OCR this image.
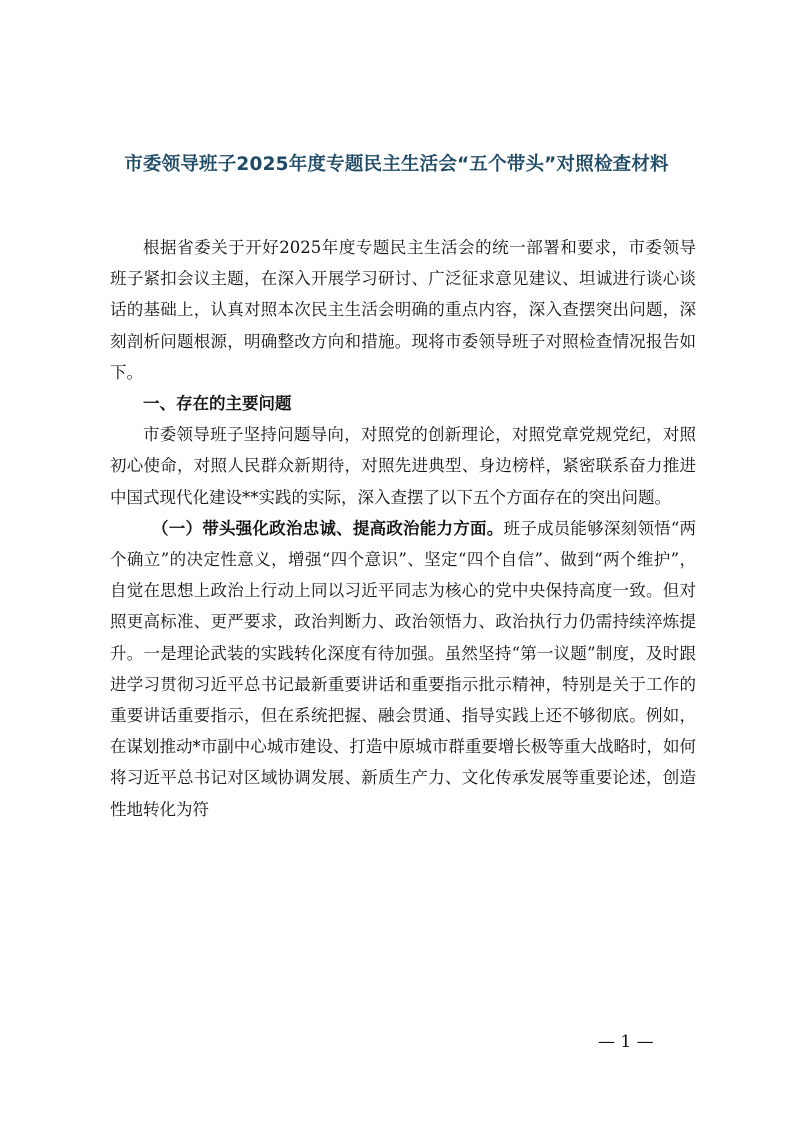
市委领导班子2025年度专题民主生活会“五个带头”对照检查材料

根据省委关于开好2025年度专题民主生活会的统一部署和要求，市委领导班子紧扣会议主题，在深入开展学习研讨、广泛征求意见建议、坦诚进行谈心谈话的基础上，认真对照本次民主生活会明确的重点内容，深入查摆突出问题，深刻剖析问题根源，明确整改方向和措施。现将市委领导班子对照检查情况报告如下。

一、存在的主要问题

市委领导班子坚持问题导向，对照党的创新理论，对照党章党规党纪，对照初心使命，对照人民群众新期待，对照先进典型、身边榜样，紧密联系奋力推进中国式现代化建设**实践的实际，深入查摆了以下五个方面存在的突出问题。

（一）带头强化政治忠诚、提高政治能力方面。班子成员能够深刻领悟“两个确立”的决定性意义，增强“四个意识”、坚定“四个自信”、做到“两个维护”，自觉在思想上政治上行动上同以习近平同志为核心的党中央保持高度一致。但对照更高标准、更严要求，政治判断力、政治领悟力、政治执行力仍需持续淬炼提升。一是理论武装的实践转化深度有待加强。虽然坚持“第一议题”制度，及时跟进学习贯彻习近平总书记最新重要讲话和重要指示批示精神，特别是关于工作的重要讲话重要指示，但在系统把握、融会贯通、指导实践上还不够彻底。例如，在谋划推动*市副中心城市建设、打造中原城市群重要增长极等重大战略时，如何将习近平总书记对区域协调发展、新质生产力、文化传承发展等重要论述，创造性地转化为符

— 1 —
